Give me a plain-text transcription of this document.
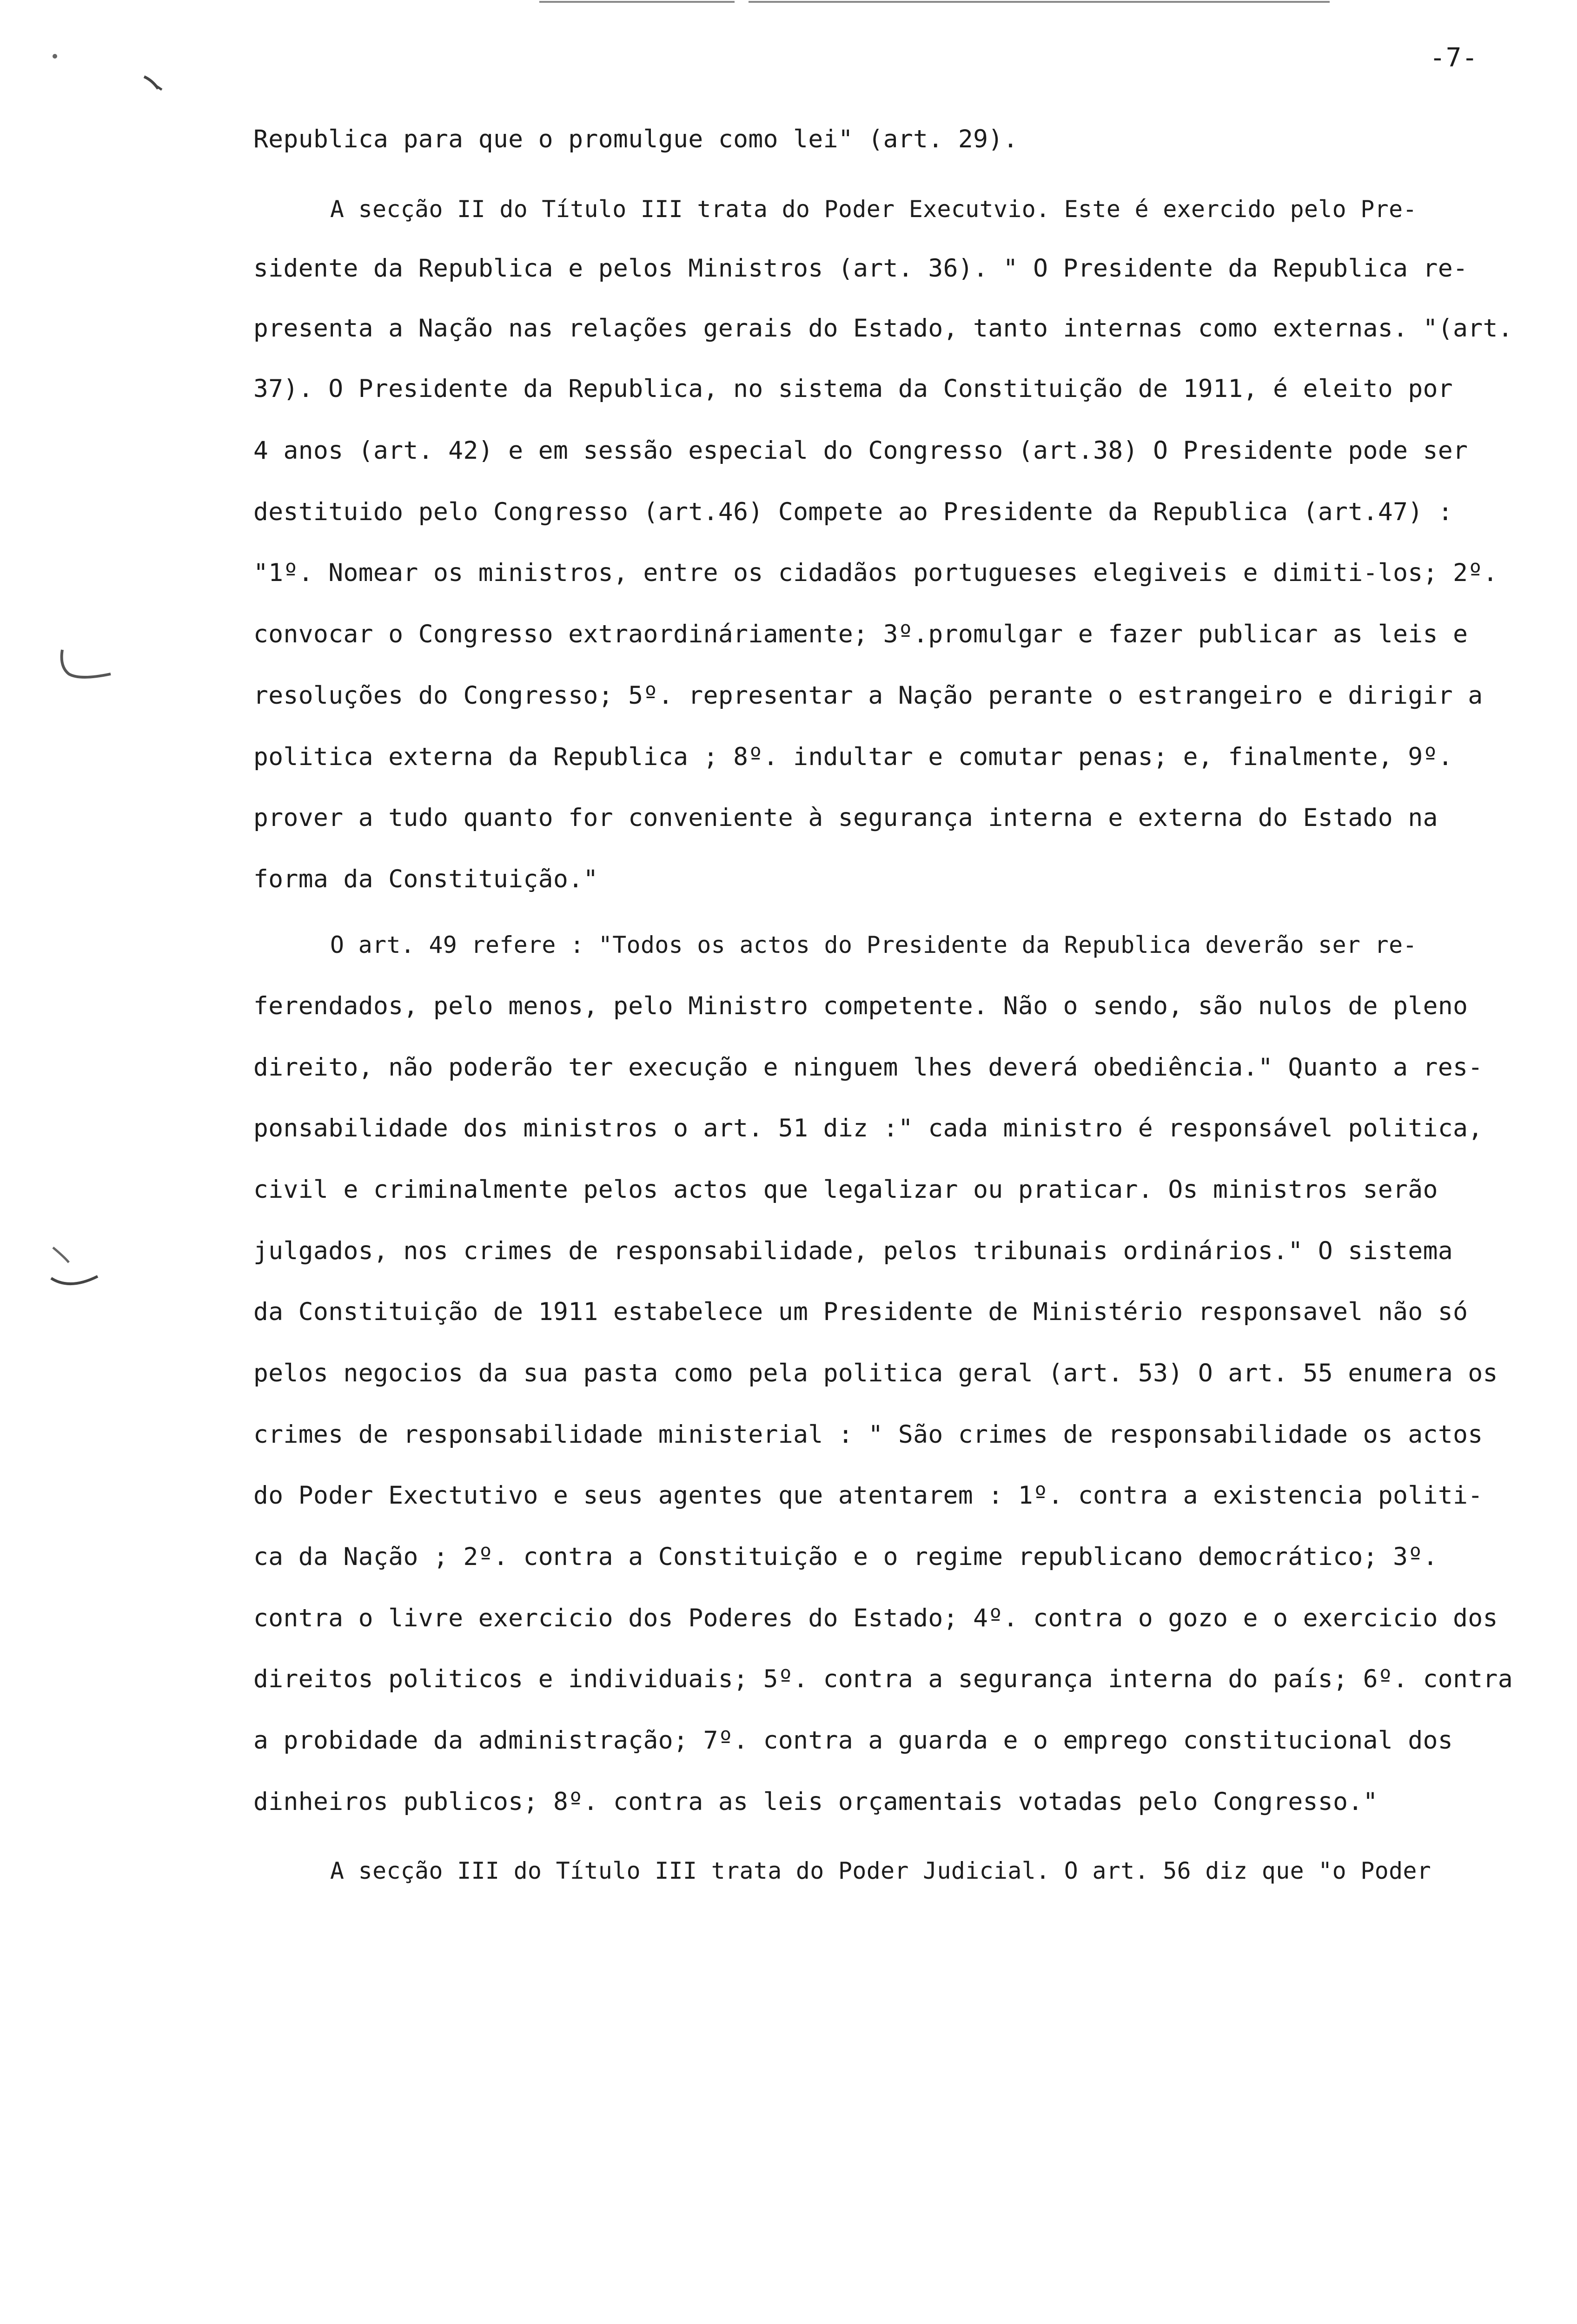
-7-
Republica para que o promulgue como lei" (art. 29).
A secção II do Título III trata do Poder Executvio. Este é exercido pelo Pre-
sidente da Republica e pelos Ministros (art. 36). " O Presidente da Republica re-
presenta a Nação nas relações gerais do Estado, tanto internas como externas. "(art.
37). O Presidente da Republica, no sistema da Constituição de 1911, é eleito por
4 anos (art. 42) e em sessão especial do Congresso (art.38) O Presidente pode ser
destituido pelo Congresso (art.46) Compete ao Presidente da Republica (art.47) :
"1º. Nomear os ministros, entre os cidadãos portugueses elegiveis e dimiti-los; 2º.
convocar o Congresso extraordináriamente; 3º.promulgar e fazer publicar as leis e
resoluções do Congresso; 5º. representar a Nação perante o estrangeiro e dirigir a
politica externa da Republica ; 8º. indultar e comutar penas; e, finalmente, 9º.
prover a tudo quanto for conveniente à segurança interna e externa do Estado na
forma da Constituição."
O art. 49 refere : "Todos os actos do Presidente da Republica deverão ser re-
ferendados, pelo menos, pelo Ministro competente. Não o sendo, são nulos de pleno
direito, não poderão ter execução e ninguem lhes deverá obediência." Quanto a res-
ponsabilidade dos ministros o art. 51 diz :" cada ministro é responsável politica,
civil e criminalmente pelos actos que legalizar ou praticar. Os ministros serão
julgados, nos crimes de responsabilidade, pelos tribunais ordinários." O sistema
da Constituição de 1911 estabelece um Presidente de Ministério responsavel não só
pelos negocios da sua pasta como pela politica geral (art. 53) O art. 55 enumera os
crimes de responsabilidade ministerial : " São crimes de responsabilidade os actos
do Poder Exectutivo e seus agentes que atentarem : 1º. contra a existencia politi-
ca da Nação ; 2º. contra a Constituição e o regime republicano democrático; 3º.
contra o livre exercicio dos Poderes do Estado; 4º. contra o gozo e o exercicio dos
direitos politicos e individuais; 5º. contra a segurança interna do país; 6º. contra
a probidade da administração; 7º. contra a guarda e o emprego constitucional dos
dinheiros publicos; 8º. contra as leis orçamentais votadas pelo Congresso."
A secção III do Título III trata do Poder Judicial. O art. 56 diz que "o Poder
